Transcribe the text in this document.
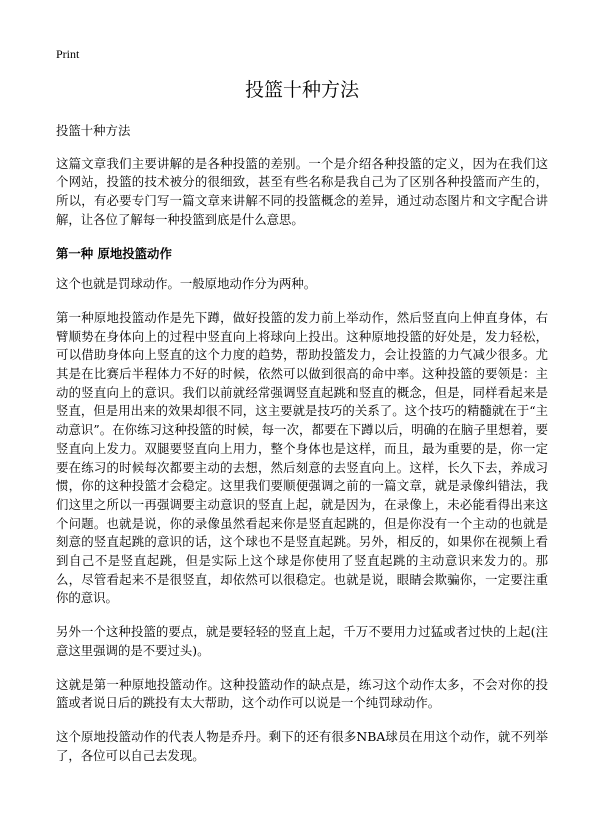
Print
投篮十种方法

投篮十种方法

这篇文章我们主要讲解的是各种投篮的差别。一个是介绍各种投篮的定义，因为在我们这个网站，投篮的技术被分的很细致，甚至有些名称是我自己为了区别各种投篮而产生的，所以，有必要专门写一篇文章来讲解不同的投篮概念的差异，通过动态图片和文字配合讲解，让各位了解每一种投篮到底是什么意思。

第一种 原地投篮动作

这个也就是罚球动作。一般原地动作分为两种。

第一种原地投篮动作是先下蹲，做好投篮的发力前上举动作，然后竖直向上伸直身体，右臂顺势在身体向上的过程中竖直向上将球向上投出。这种原地投篮的好处是，发力轻松，可以借助身体向上竖直的这个力度的趋势，帮助投篮发力，会让投篮的力气减少很多。尤其是在比赛后半程体力不好的时候，依然可以做到很高的命中率。这种投篮的要领是：主动的竖直向上的意识。我们以前就经常强调竖直起跳和竖直的概念，但是，同样看起来是竖直，但是用出来的效果却很不同，这主要就是技巧的关系了。这个技巧的精髓就在于“主动意识”。在你练习这种投篮的时候，每一次，都要在下蹲以后，明确的在脑子里想着，要竖直向上发力。双腿要竖直向上用力，整个身体也是这样，而且，最为重要的是，你一定要在练习的时候每次都要主动的去想，然后刻意的去竖直向上。这样，长久下去，养成习惯，你的这种投篮才会稳定。这里我们要顺便强调之前的一篇文章，就是录像纠错法，我们这里之所以一再强调要主动意识的竖直上起，就是因为，在录像上，未必能看得出来这个问题。也就是说，你的录像虽然看起来你是竖直起跳的，但是你没有一个主动的也就是刻意的竖直起跳的意识的话，这个球也不是竖直起跳。另外，相反的，如果你在视频上看到自己不是竖直起跳，但是实际上这个球是你使用了竖直起跳的主动意识来发力的。那么，尽管看起来不是很竖直，却依然可以很稳定。也就是说，眼睛会欺骗你，一定要注重你的意识。

另外一个这种投篮的要点，就是要轻轻的竖直上起，千万不要用力过猛或者过快的上起(注意这里强调的是不要过头)。

这就是第一种原地投篮动作。这种投篮动作的缺点是，练习这个动作太多，不会对你的投篮或者说日后的跳投有太大帮助，这个动作可以说是一个纯罚球动作。

这个原地投篮动作的代表人物是乔丹。剩下的还有很多NBA球员在用这个动作，就不列举了，各位可以自己去发现。
